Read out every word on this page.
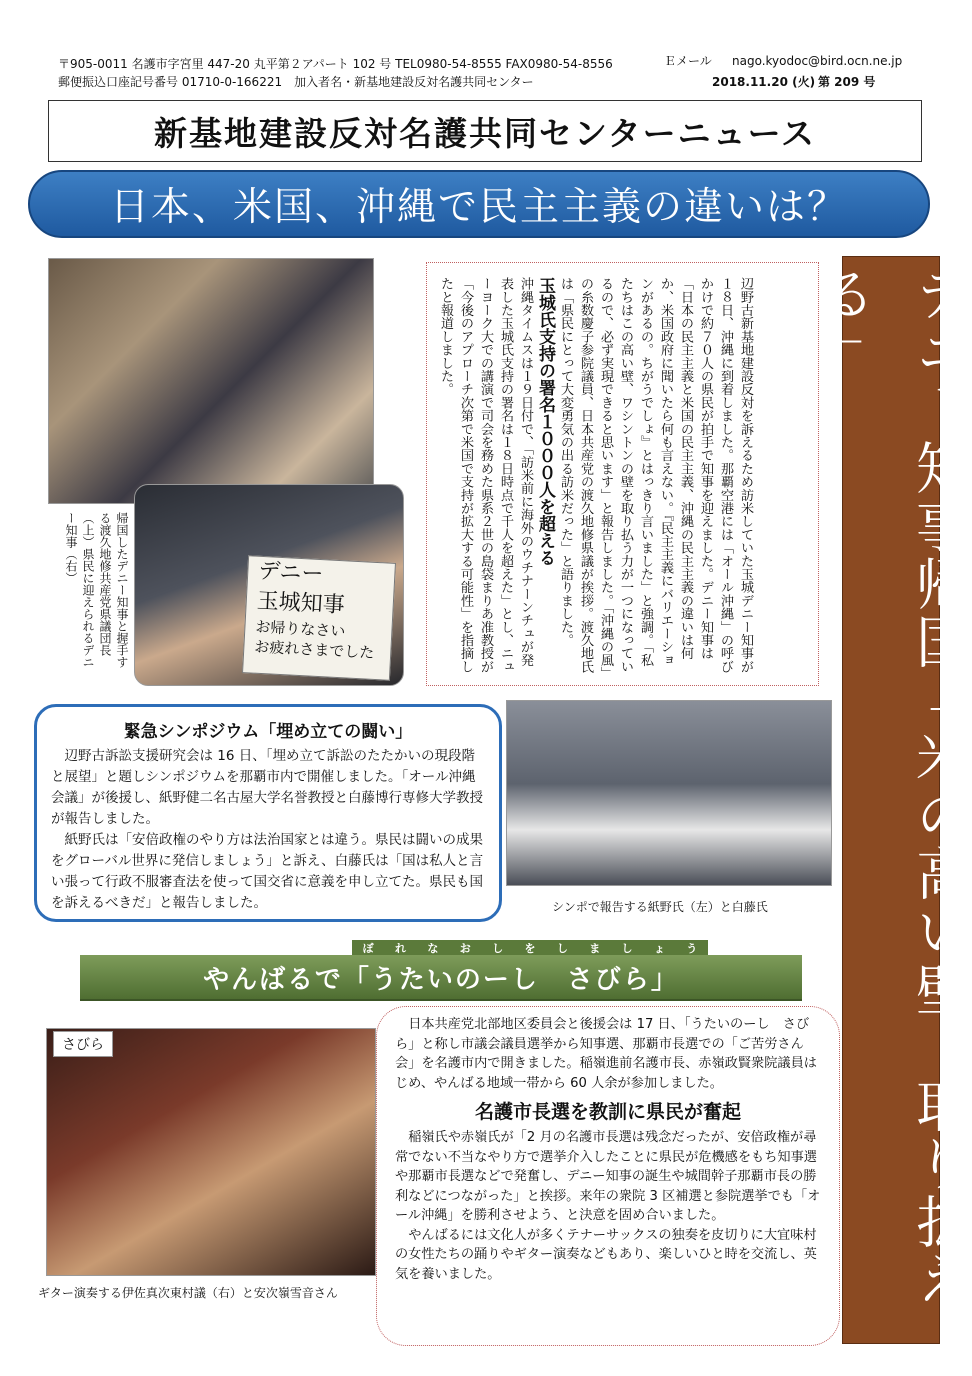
〒905-0011 名護市字宮里 447-20 丸平第２アパート 102 号 TEL0980-54-8555 FAX0980-54-8556	Ｅメール nago.kyodoc@bird.ocn.ne.jp
郵便振込口座記号番号 01710-0-166221　加入者名・新基地建設反対名護共同センター	2018.11.20 (火) 第 209 号
新基地建設反対名護共同センターニュース
日本、米国、沖縄で民主主義の違いは？
デニー
玉城知事
お帰りなさい
お疲れさまでした
帰国したデニー知事と握手する渡久地修共産党県議団長（上）県民に迎えられるデニー知事（右）	辺野古新基地建設反対を訴えるため訪米していた玉城デニー知事が１８日、沖縄に到着しました。那覇空港には「オール沖縄」の呼びかけで約７０人の県民が拍手で知事を迎えました。デニー知事は「日本の民主主義と米国の民主主義、沖縄の民主主義の違いは何か、米国政府に聞いたら何も言えない。『民主主義にバリエーションがあるの。ちがうでしょ』とはっきり言いました」と強調。「私たちはこの高い壁、ワシントンの壁を取り払う力が一つになっているので、必ず実現できると思います」と報告しました。「沖縄の風」の糸数慶子参院議員、日本共産党の渡久地修県議が挨拶。渡久地氏は「県民にとって大変勇気の出る訪米だった」と語りました。
玉城氏支持の署名１０００人を超える
沖縄タイムスは１９日付で、「訪米前に海外のウチナーンチュが発表した玉城氏支持の署名は１８日時点で千人を超えた」とし、ニューヨーク大での講演で司会を務めた県系２世の島袋まりあ准教授が「今後のアプローチ次第で米国で支持が拡大する可能性」を指摘したと報道しました。	デニー知事帰国「米の高い壁、取り払える」
緊急シンポジウム「埋め立ての闘い」

辺野古訴訟支援研究会は 16 日、「埋め立て訴訟のたたかいの現段階と展望」と題しシンポジウムを那覇市内で開催しました。「オール沖縄会議」が後援し、紙野健二名古屋大学名誉教授と白藤博行専修大学教授が報告しました。

紙野氏は「安倍政権のやり方は法治国家とは違う。県民は闘いの成果をグローバル世界に発信しましょう」と訴え、白藤氏は「国は私人と言い張って行政不服審査法を使って国交省に意義を申し立てた。県民も国を訴えるべきだ」と報告しました。	シンポで報告する紙野氏（左）と白藤氏
ぼ れ な お し を し ま し ょ う
やんばるで「うたいのーし　さびら」
さびら
ギター演奏する伊佐真次東村議（右）と安次嶺雪音さん

日本共産党北部地区委員会と後援会は 17 日、「うたいのーし　さびら」と称し市議会議員選挙から知事選、那覇市長選での「ご苦労さん会」を名護市内で開きました。稲嶺進前名護市長、赤嶺政賢衆院議員はじめ、やんばる地域一帯から 60 人余が参加しました。

名護市長選を教訓に県民が奮起

稲嶺氏や赤嶺氏が「2 月の名護市長選は残念だったが、安倍政権が尋常でない不当なやり方で選挙介入したことに県民が危機感をもち知事選や那覇市長選などで発奮し、デニー知事の誕生や城間幹子那覇市長の勝利などにつながった」と挨拶。来年の衆院 3 区補選と参院選挙でも「オール沖縄」を勝利させよう、と決意を固め合いました。

やんばるには文化人が多くテナーサックスの独奏を皮切りに大宜味村の女性たちの踊りやギター演奏などもあり、楽しいひと時を交流し、英気を養いました。
